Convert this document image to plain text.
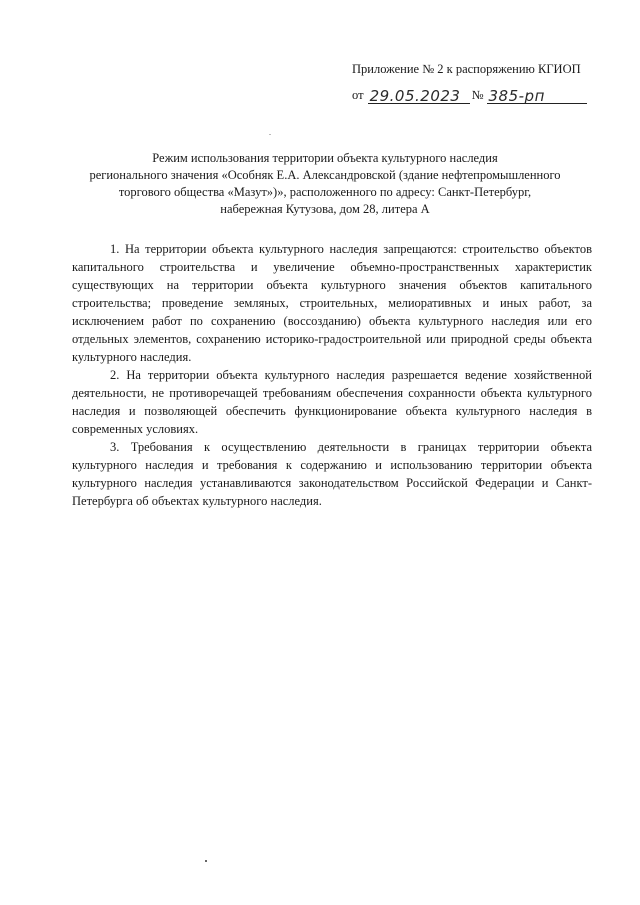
Приложение № 2 к распоряжению КГИОП
от 29.05.2023 № 385-рп
Режим использования территории объекта культурного наследия
регионального значения «Особняк Е.А. Александровской (здание нефтепромышленного
торгового общества «Мазут»)», расположенного по адресу: Санкт-Петербург,
набережная Кутузова, дом 28, литера А

1. На территории объекта культурного наследия запрещаются: строительство объектов капитального строительства и увеличение объемно-пространственных характеристик существующих на территории объекта культурного значения объектов капитального строительства; проведение земляных, строительных, мелиоративных и иных работ, за исключением работ по сохранению (воссозданию) объекта культурного наследия или его отдельных элементов, сохранению историко-градостроительной или природной среды объекта культурного наследия.

2. На территории объекта культурного наследия разрешается ведение хозяйственной деятельности, не противоречащей требованиям обеспечения сохранности объекта культурного наследия и позволяющей обеспечить функционирование объекта культурного наследия в современных условиях.

3. Требования к осуществлению деятельности в границах территории объекта культурного наследия и требования к содержанию и использованию территории объекта культурного наследия устанавливаются законодательством Российской Федерации и Санкт-Петербурга об объектах культурного наследия.
